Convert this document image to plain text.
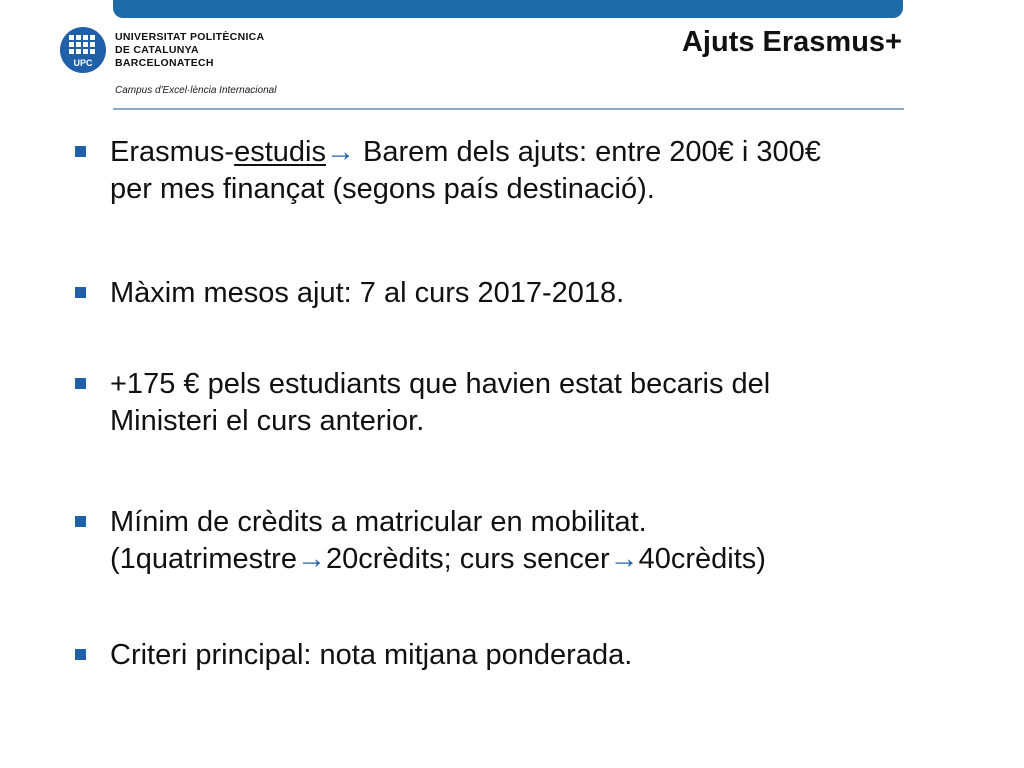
UPC
UNIVERSITAT POLITÈCNICA
DE CATALUNYA
BARCELONATECH
Campus d'Excel·lència Internacional
Ajuts Erasmus+
Erasmus-estudis→ Barem dels ajuts: entre 200€ i 300€
per mes finançat (segons país destinació).
Màxim mesos ajut: 7 al curs 2017-2018.
+175 € pels estudiants que havien estat becaris del
Ministeri el curs anterior.
Mínim de crèdits a matricular en mobilitat.
(1quatrimestre→20crèdits; curs sencer→40crèdits)
Criteri principal: nota mitjana ponderada.
